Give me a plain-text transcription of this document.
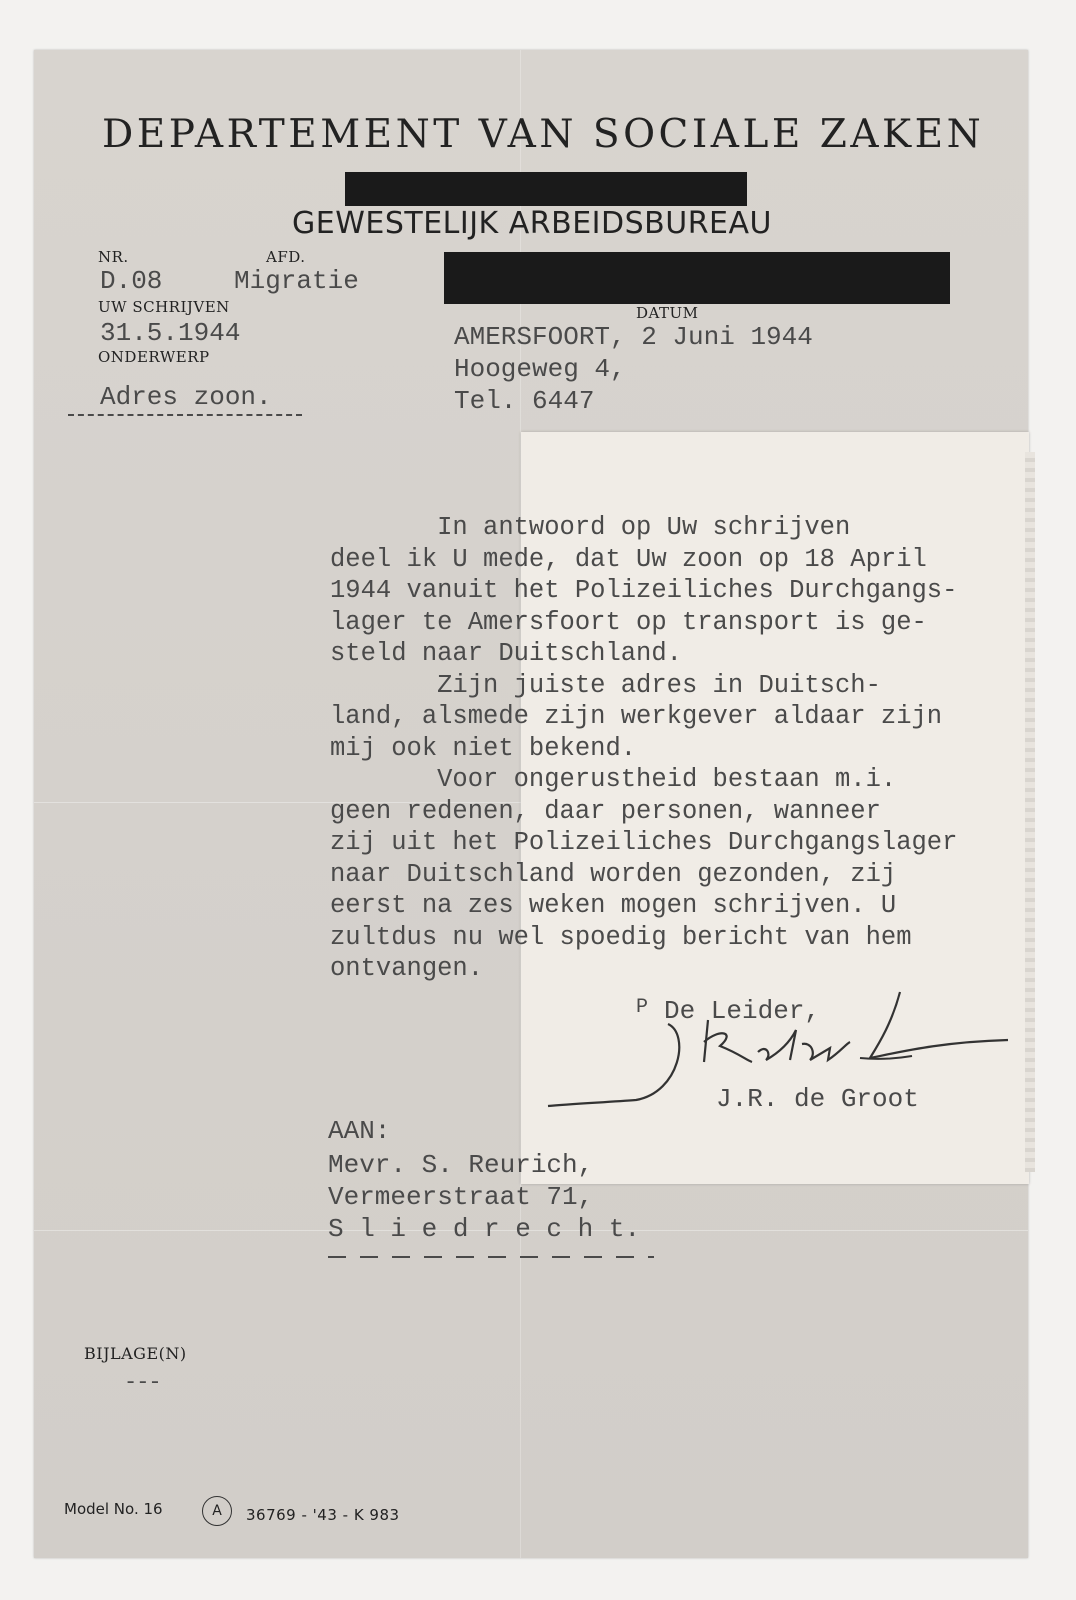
DEPARTEMENT VAN SOCIALE ZAKEN
GEWESTELIJK ARBEIDSBUREAU
NR.
D.08
AFD.
Migratie
UW SCHRIJVEN
31.5.1944
ONDERWERP
Adres zoon.
DATUM
AMERSFOORT, 2 Juni 1944
Hoogeweg 4,
Tel. 6447
In antwoord op Uw schrijven
deel ik U mede, dat Uw zoon op 18 April
1944 vanuit het Polizeiliches Durchgangs-
lager te Amersfoort op transport is ge-
steld naar Duitschland.
Zijn juiste adres in Duitsch-
land, alsmede zijn werkgever aldaar zijn
mij ook niet bekend.
Voor ongerustheid bestaan m.i.
geen redenen, daar personen, wanneer
zij uit het Polizeiliches Durchgangslager
naar Duitschland worden gezonden, zij
eerst na zes weken mogen schrijven. U
zultdus nu wel spoedig bericht van hem
ontvangen.
P De Leider,
J.R. de Groot
AAN:
Mevr. S. Reurich,
Vermeerstraat 71,
S l i e d r e c h t.
BIJLAGE(N)
---
Model No. 16	A	36769 - '43 - K 983
